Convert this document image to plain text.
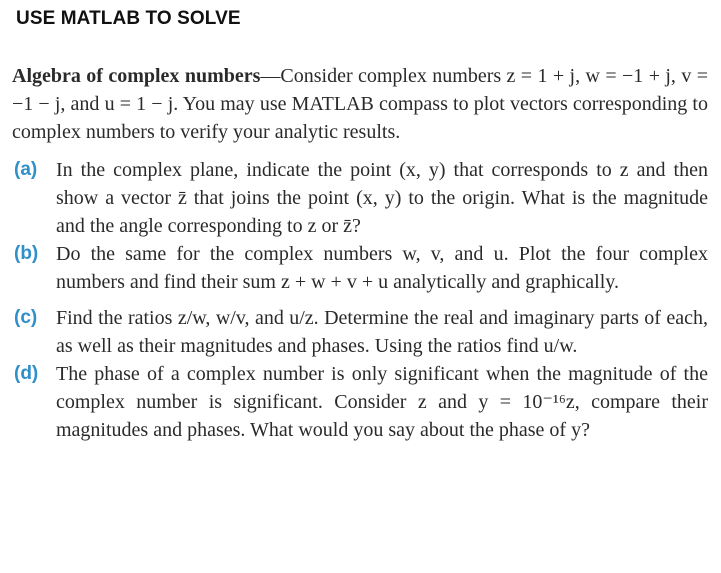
USE MATLAB TO SOLVE

Algebra of complex numbers—Consider complex numbers z = 1 + j, w = −1 + j, v = −1 − j, and u = 1 − j. You may use MATLAB compass to plot vectors corresponding to complex numbers to verify your analytic results.

(a) In the complex plane, indicate the point (x, y) that corresponds to z and then show a vector z̄ that joins the point (x, y) to the origin. What is the magnitude and the angle corresponding to z or z̄?

(b) Do the same for the complex numbers w, v, and u. Plot the four complex numbers and find their sum z + w + v + u analytically and graphically.

(c) Find the ratios z/w, w/v, and u/z. Determine the real and imaginary parts of each, as well as their magnitudes and phases. Using the ratios find u/w.

(d) The phase of a complex number is only significant when the magnitude of the complex number is significant. Consider z and y = 10⁻¹⁶z, compare their magnitudes and phases. What would you say about the phase of y?
